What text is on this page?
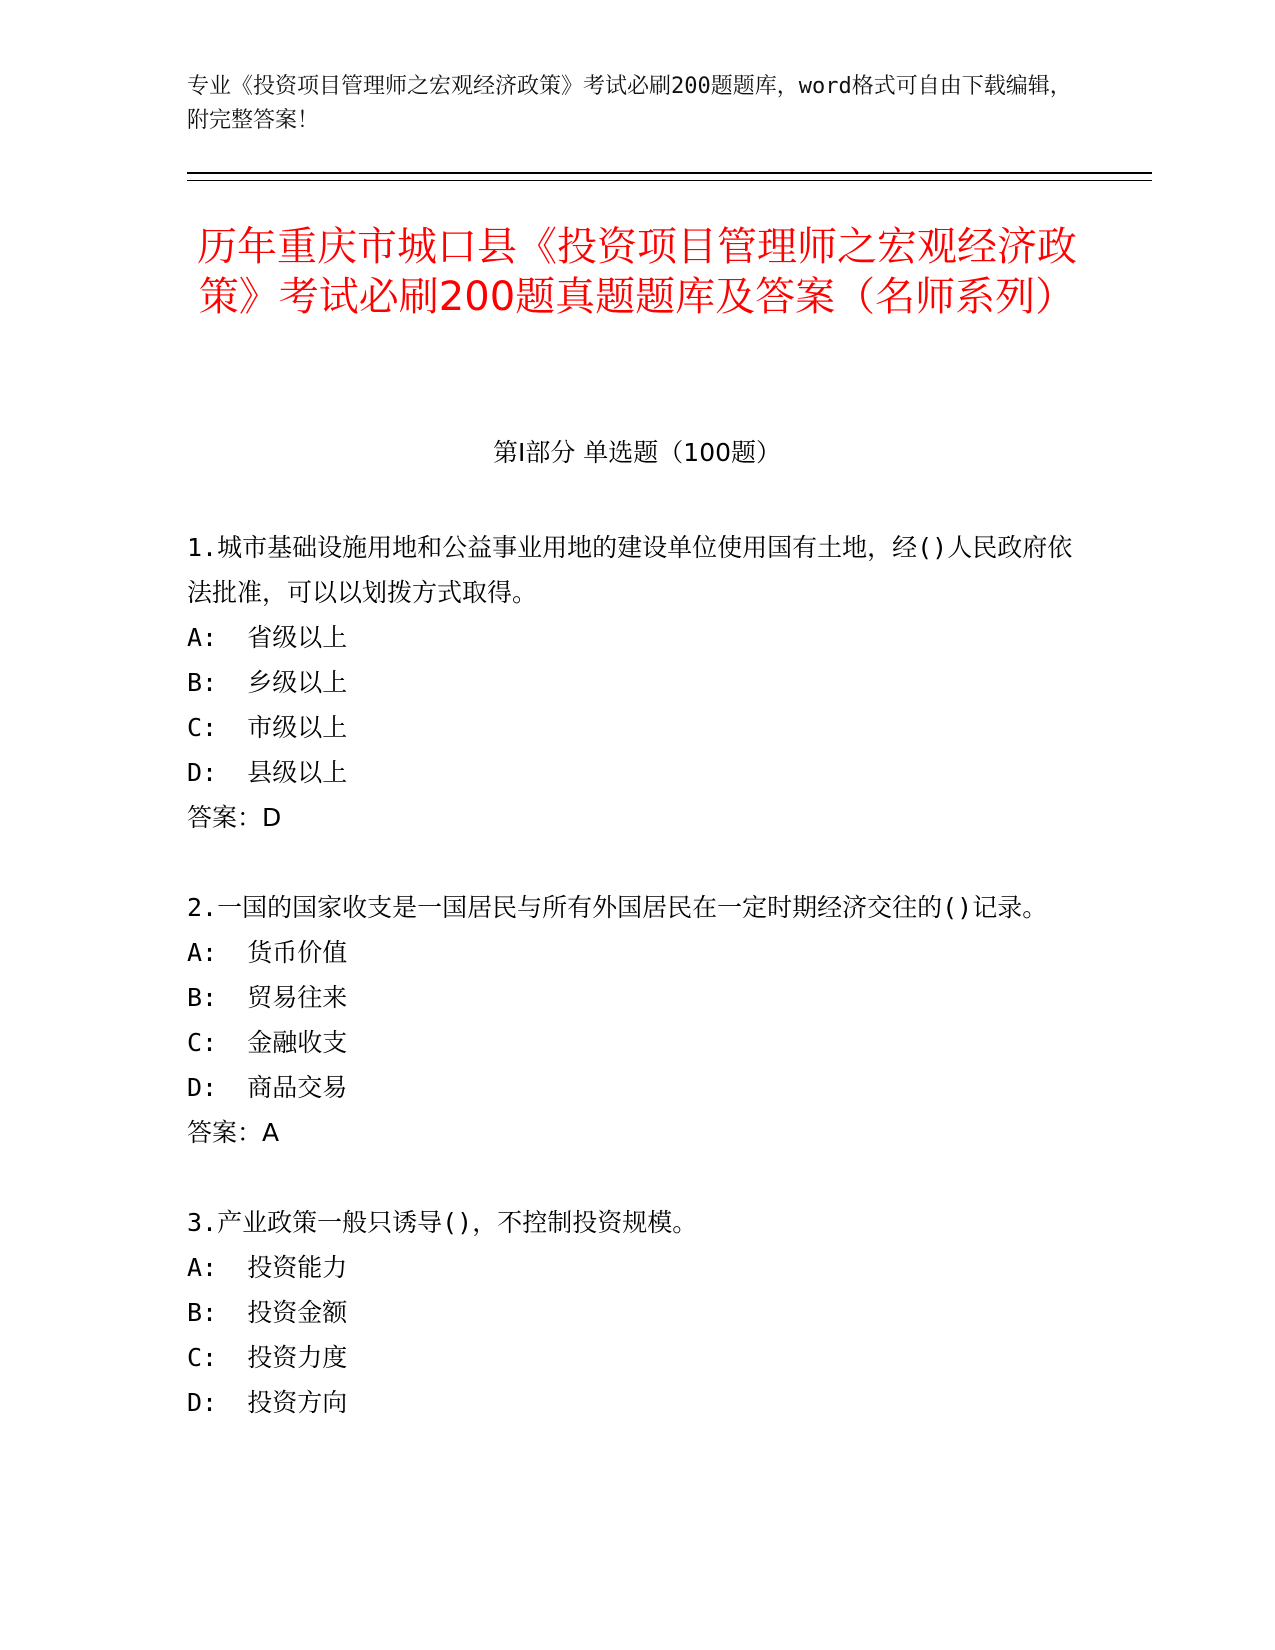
专业《投资项目管理师之宏观经济政策》考试必刷200题题库，word格式可自由下载编辑，附完整答案！
历年重庆市城口县《投资项目管理师之宏观经济政策》考试必刷200题真题题库及答案（名师系列）
第Ⅰ部分 单选题（100题）
1.城市基础设施用地和公益事业用地的建设单位使用国有土地，经()人民政府依法批准，可以以划拨方式取得。
A:  省级以上
B:  乡级以上
C:  市级以上
D:  县级以上
答案：D
2.一国的国家收支是一国居民与所有外国居民在一定时期经济交往的()记录。
A:  货币价值
B:  贸易往来
C:  金融收支
D:  商品交易
答案：A
3.产业政策一般只诱导()，不控制投资规模。
A:  投资能力
B:  投资金额
C:  投资力度
D:  投资方向
